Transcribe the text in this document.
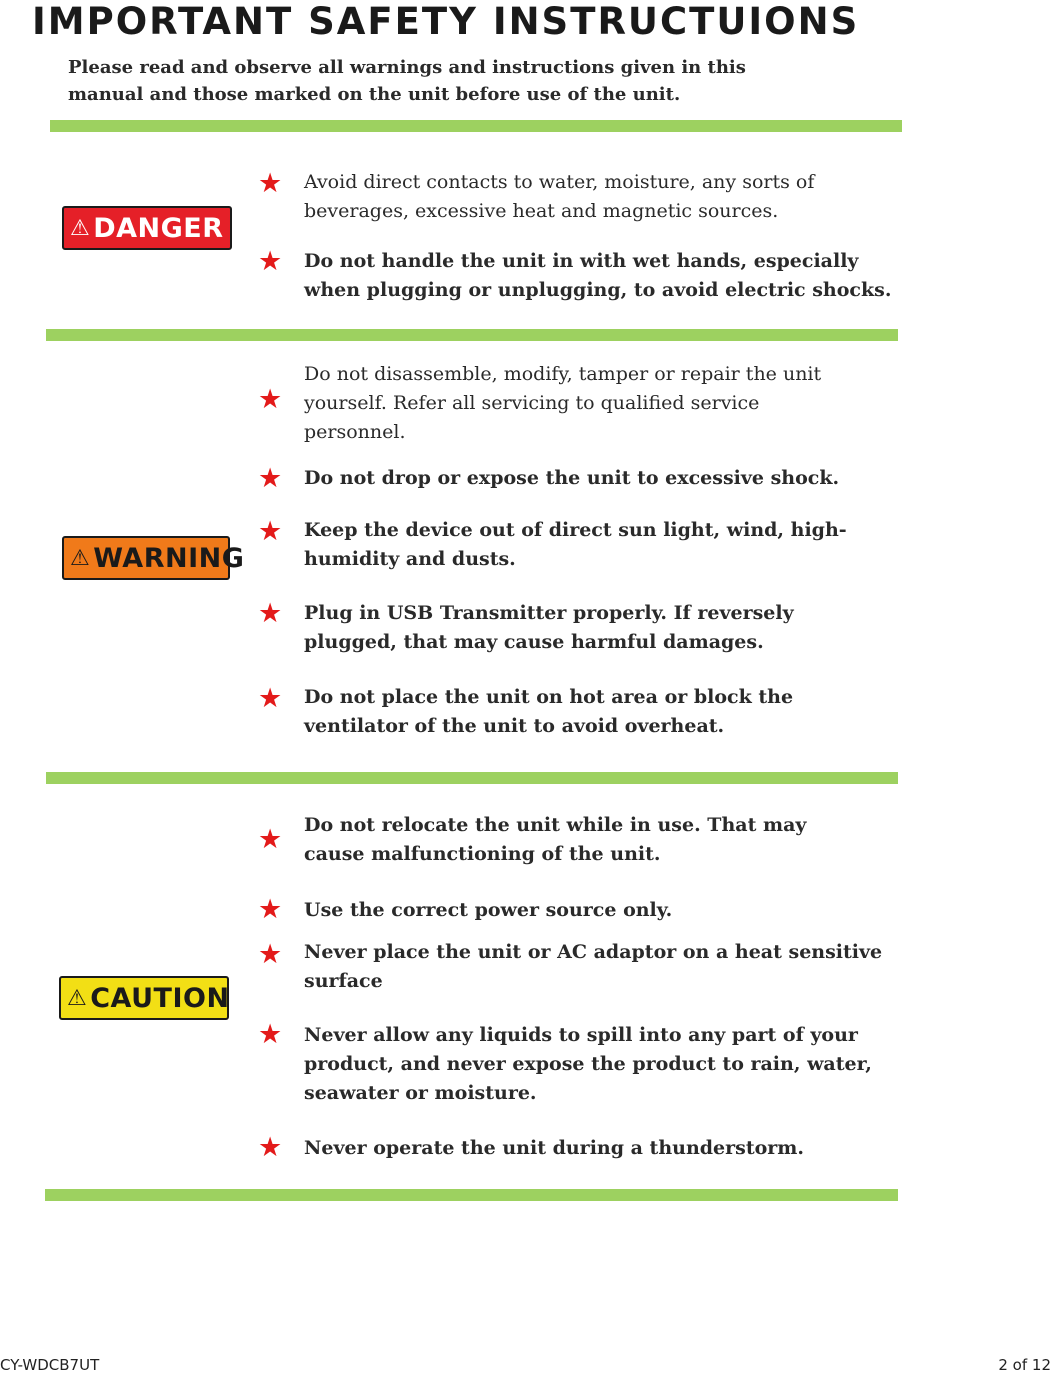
IMPORTANT SAFETY INSTRUCTUIONS
Please read and observe all warnings and instructions given in this
manual and those marked on the unit before use of the unit.
⚠ DANGER
★ Avoid direct contacts to water, moisture, any sorts of
beverages, excessive heat and magnetic sources.
★ Do not handle the unit in with wet hands, especially
when plugging or unplugging, to avoid electric shocks.
⚠ WARNING
★
Do not disassemble, modify, tamper or repair the unit
yourself. Refer all servicing to qualified service
personnel.
★ Do not drop or expose the unit to excessive shock.
★ Keep the device out of direct sun light, wind, high-
humidity and dusts.
★ Plug in USB Transmitter properly. If reversely
plugged, that may cause harmful damages.
★ Do not place the unit on hot area or block the
ventilator of the unit to avoid overheat.
⚠ CAUTION
★ Do not relocate the unit while in use. That may
cause malfunctioning of the unit.
★ Use the correct power source only.
★ Never place the unit or AC adaptor on a heat sensitive
surface
★ Never allow any liquids to spill into any part of your
product, and never expose the product to rain, water,
seawater or moisture.
★ Never operate the unit during a thunderstorm.
CY-WDCB7UT	2 of 12
